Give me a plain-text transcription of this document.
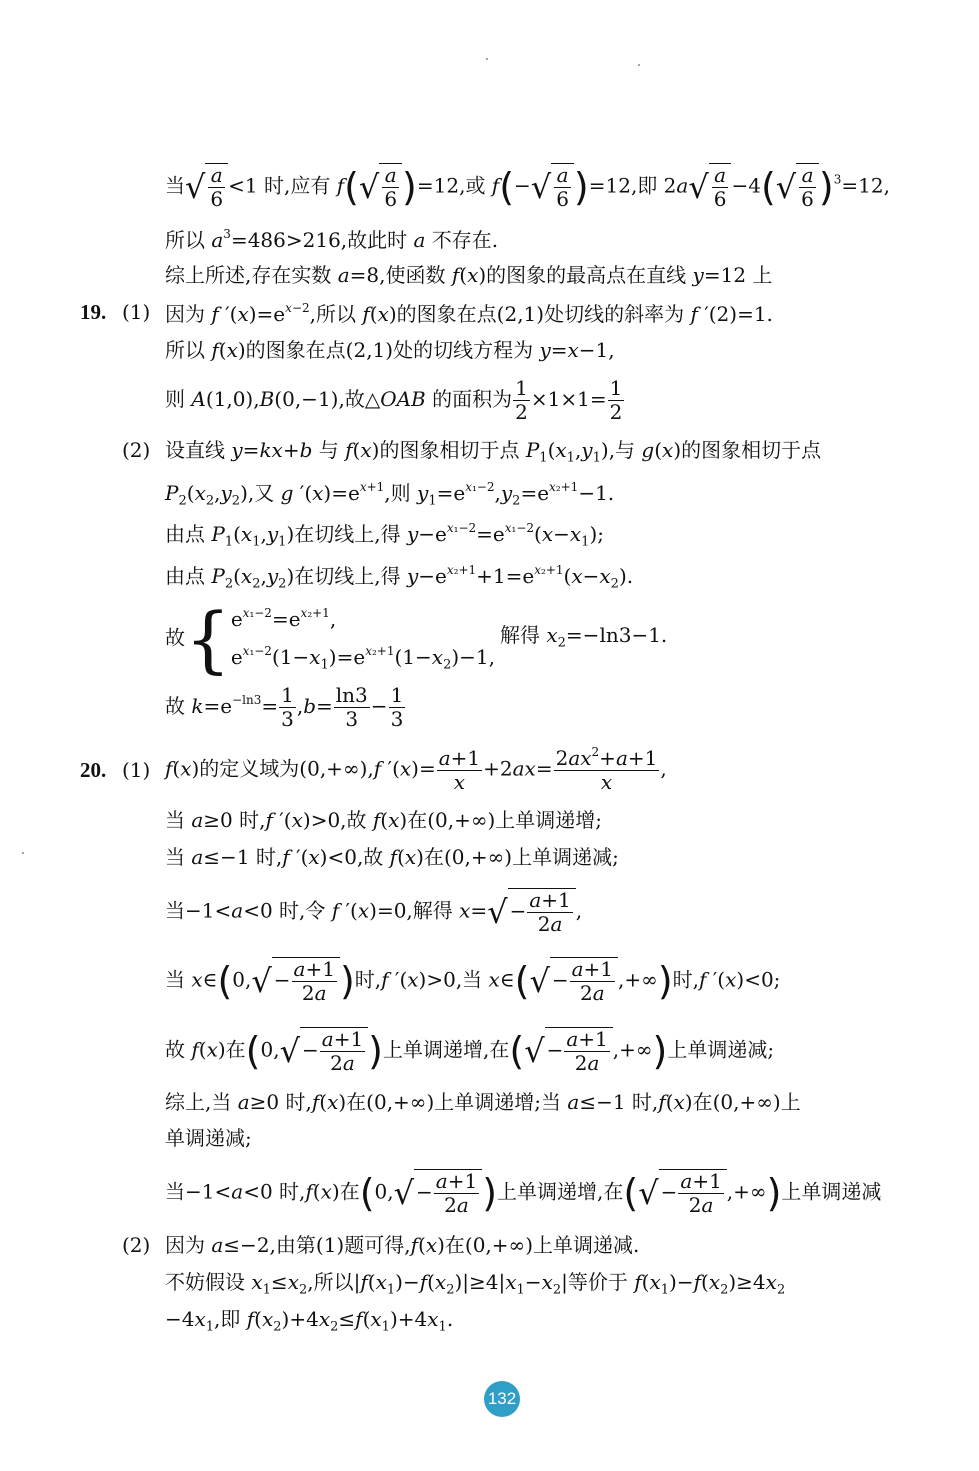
当√ $\frac{a}{6} <1$ 时,应有 $f(√ \frac{a}{6} )=12$,或 $f(-√ \frac{a}{6} )=12$,即 $2a√ \frac{a}{6} -4(√ \frac{a}{6} )^3=12$,
所以 $a^3=486>216$,故此时 a 不存在.
综上所述,存在实数 a=8,使函数 f(x)的图象的最高点在直线 y=12 上
19. (1) 因为 f $'(x)=e^{x-2}$,所以 f(x)的图象在点(2,1)处切线的斜率为 f ′(2)=1.
所以 f(x)的图象在点(2,1)处的切线方程为 y=x−1,
则 A(1,0),B(0,−1),故△OAB 的面积为 $\frac{1}{2} \times 1\times 1= \frac{1}{2}$
(2) 设直线 y=kx+b 与 f(x)的图象相切于点 $P_1(x_1,y_1)$,与 g(x)的图象相切于点
$P_2(x_2,y_2)$,又 g $'(x)=e^{x+1}$,则 $y_1=e^{x_1-2},y_2=e^{x_2+1}-1$.
由点 $P_1(x_1,y_1)$在切线上,得 $y-e^{x_1-2}=e^{x_1-2}(x-x_1)$;
由点 $P_2(x_2,y_2)$在切线上,得 $y-e^{x_2+1}+1=e^{x_2+1}(x-x_2)$.
故{$e^{x_1-2}=e^{x_2+1}$,
$e^{x_1-2}(1-x_1)=e^{x_2+1}(1-x_2)-1$,
解得 $x_2=-\ln 3-1$.
故 $k=e^{-ln3}= \frac{1}{3} ,b= \frac{\ln 3}{3} - \frac{1}{3}$
20. (1) f(x)的定义域为(0,+∞),f $'(x)= \frac{a+1}{x} +2ax= \frac{2ax^2+a+1}{x}$ ,
当 a≥0 时,f ′(x)>0,故 f(x)在(0,+∞)上单调递增;
当 a≤−1 时,f ′(x)<0,故 f(x)在(0,+∞)上单调递减;
当−1<a<0 时,令 f ′(x)=0,解得 $x=√ - \frac{a+1}{2a}$ ,
当 x∈(0,√ − $\frac{a+1}{2a}$ )时,f ′(x)>0,当 x∈(√ − $\frac{a+1}{2a}$ ,+∞)时,f ′(x)<0;
故 f(x)在($0,√ - \frac{a+1}{2a}$ )上单调递增,在(√ − $\frac{a+1}{2a}$ ,+∞)上单调递减;
综上,当 a≥0 时,f(x)在(0,+∞)上单调递增;当 a≤−1 时,f(x)在(0,+∞)上
单调递减;
当−1<a<0 时,f(x)在($0,√ - \frac{a+1}{2a}$ )上单调递增,在(√ − $\frac{a+1}{2a}$ ,+∞)上单调递减
(2) 因为 a≤−2,由第(1)题可得,f(x)在(0,+∞)上单调递减.
不妨假设 $x_1\le x_2$,所以$|f(x_1)-f(x_2)|\ge 4|x_1-x_2|$等价于 $f(x_1)-f(x_2)\ge 4x_2$
$-4x_1$,即 $f(x_2)+4x_2\le f(x_1)+4x_1$.
132
